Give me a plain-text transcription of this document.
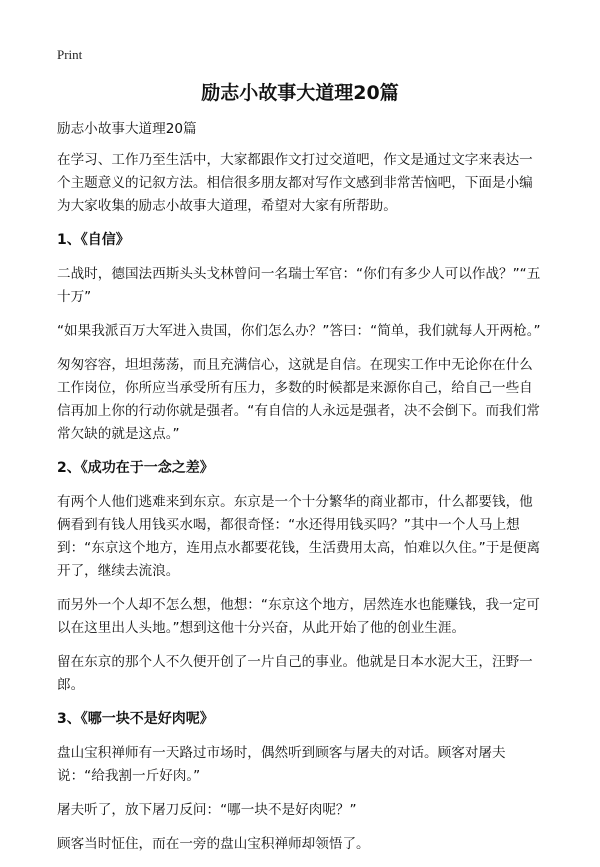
Print
励志小故事大道理20篇

励志小故事大道理20篇

在学习、工作乃至生活中，大家都跟作文打过交道吧，作文是通过文字来表达一个主题意义的记叙方法。相信很多朋友都对写作文感到非常苦恼吧，下面是小编为大家收集的励志小故事大道理，希望对大家有所帮助。

1、《自信》

二战时，德国法西斯头头戈林曾问一名瑞士军官：“你们有多少人可以作战？”“五十万”

“如果我派百万大军进入贵国，你们怎么办？”答曰：“简单，我们就每人开两枪。”

匆匆容容，坦坦荡荡，而且充满信心，这就是自信。在现实工作中无论你在什么工作岗位，你所应当承受所有压力，多数的时候都是来源你自己，给自己一些自信再加上你的行动你就是强者。“有自信的人永远是强者，决不会倒下。而我们常常欠缺的就是这点。”

2、《成功在于一念之差》

有两个人他们逃难来到东京。东京是一个十分繁华的商业都市，什么都要钱，他俩看到有钱人用钱买水喝，都很奇怪：“水还得用钱买吗？”其中一个人马上想到：“东京这个地方，连用点水都要花钱，生活费用太高，怕难以久住。”于是便离开了，继续去流浪。

而另外一个人却不怎么想，他想：“东京这个地方，居然连水也能赚钱，我一定可以在这里出人头地。”想到这他十分兴奋，从此开始了他的创业生涯。

留在东京的那个人不久便开创了一片自己的事业。他就是日本水泥大王，汪野一郎。

3、《哪一块不是好肉呢》

盘山宝积禅师有一天路过市场时，偶然听到顾客与屠夫的对话。顾客对屠夫说：“给我割一斤好肉。”

屠夫听了，放下屠刀反问：“哪一块不是好肉呢？”

顾客当时怔住，而在一旁的盘山宝积禅师却领悟了。
